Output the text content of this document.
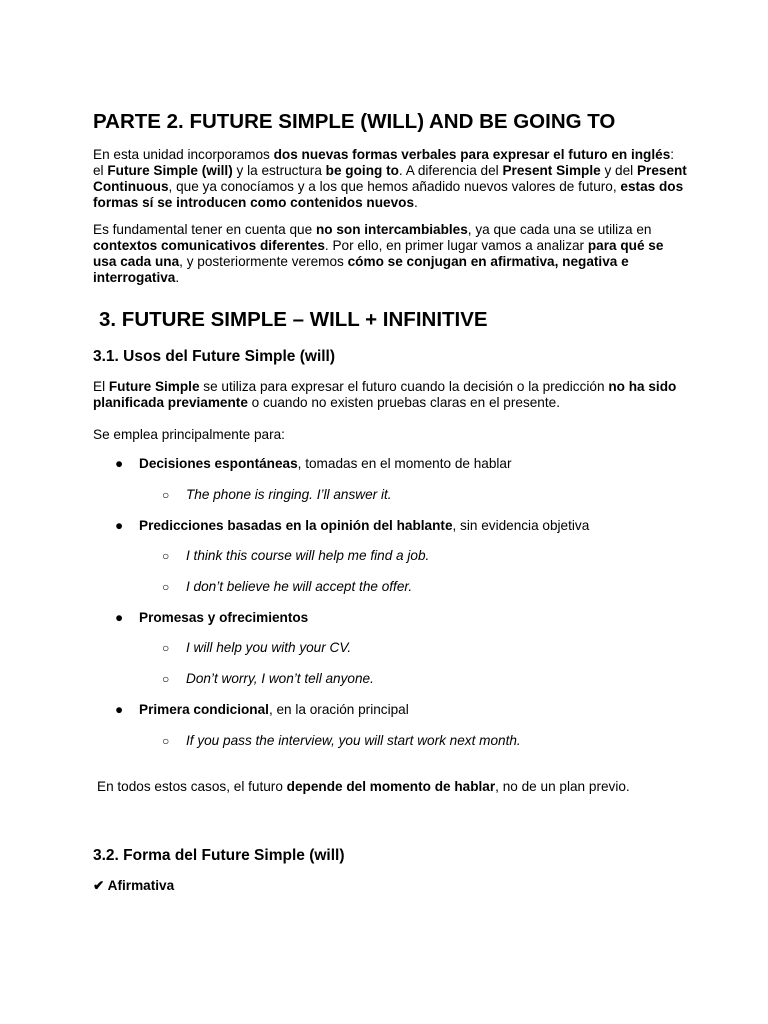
PARTE 2. FUTURE SIMPLE (WILL) AND BE GOING TO
En esta unidad incorporamos dos nuevas formas verbales para expresar el futuro en inglés: el Future Simple (will) y la estructura be going to. A diferencia del Present Simple y del Present Continuous, que ya conocíamos y a los que hemos añadido nuevos valores de futuro, estas dos formas sí se introducen como contenidos nuevos.
Es fundamental tener en cuenta que no son intercambiables, ya que cada una se utiliza en contextos comunicativos diferentes. Por ello, en primer lugar vamos a analizar para qué se usa cada una, y posteriormente veremos cómo se conjugan en afirmativa, negativa e interrogativa.
3. FUTURE SIMPLE – WILL + INFINITIVE
3.1. Usos del Future Simple (will)
El Future Simple se utiliza para expresar el futuro cuando la decisión o la predicción no ha sido planificada previamente o cuando no existen pruebas claras en el presente.
Se emplea principalmente para:
● Decisiones espontáneas, tomadas en el momento de hablar
○ The phone is ringing. I’ll answer it.
● Predicciones basadas en la opinión del hablante, sin evidencia objetiva
○ I think this course will help me find a job.
○ I don’t believe he will accept the offer.
● Promesas y ofrecimientos
○ I will help you with your CV.
○ Don’t worry, I won’t tell anyone.
● Primera condicional, en la oración principal
○ If you pass the interview, you will start work next month.
En todos estos casos, el futuro depende del momento de hablar, no de un plan previo.
3.2. Forma del Future Simple (will)
✔ Afirmativa
